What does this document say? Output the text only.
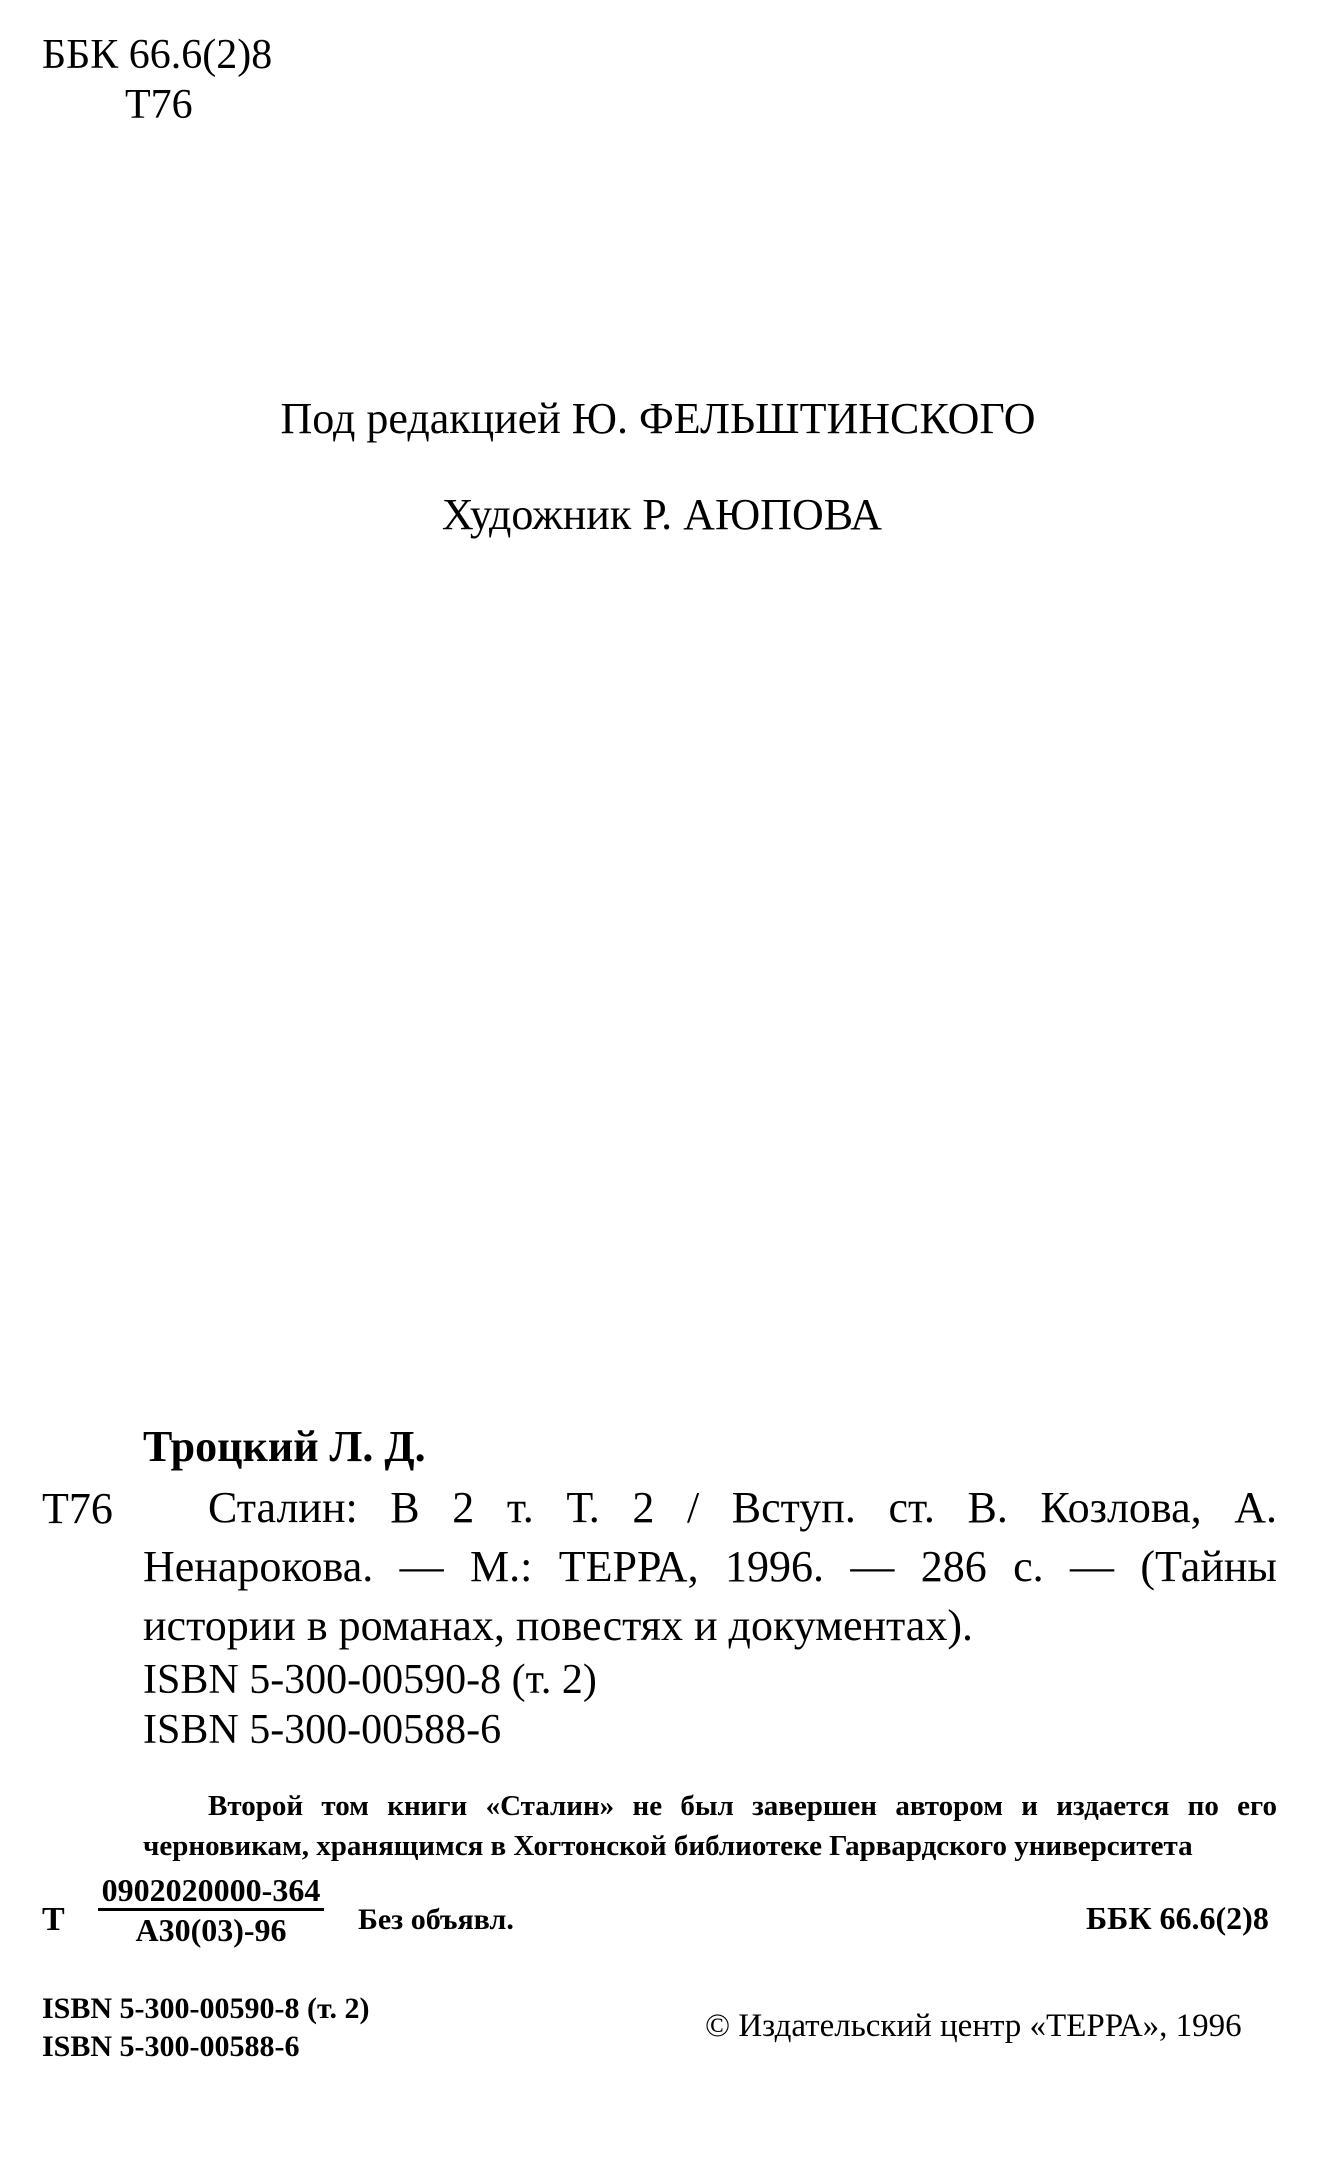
ББК 66.6(2)8
Т76
Под редакцией Ю. ФЕЛЬШТИНСКОГО
Художник Р. АЮПОВА
Троцкий Л. Д.
Т76	Сталин: В 2 т. Т. 2 / Вступ. ст. В. Козлова, А. Ненарокова. — М.: ТЕРРА, 1996. — 286 с. — (Тайны истории в романах, повестях и документах).
ISBN 5-300-00590-8 (т. 2)
ISBN 5-300-00588-6
Второй том книги «Сталин» не был завершен автором и издается по его черновикам, хранящимся в Хогтонской библиотеке Гарвардского университета
Т
0902020000-364
А30(03)-96	Без объявл.	ББК 66.6(2)8
ISBN 5-300-00590-8 (т. 2)
ISBN 5-300-00588-6
© Издательский центр «ТЕРРА», 1996
